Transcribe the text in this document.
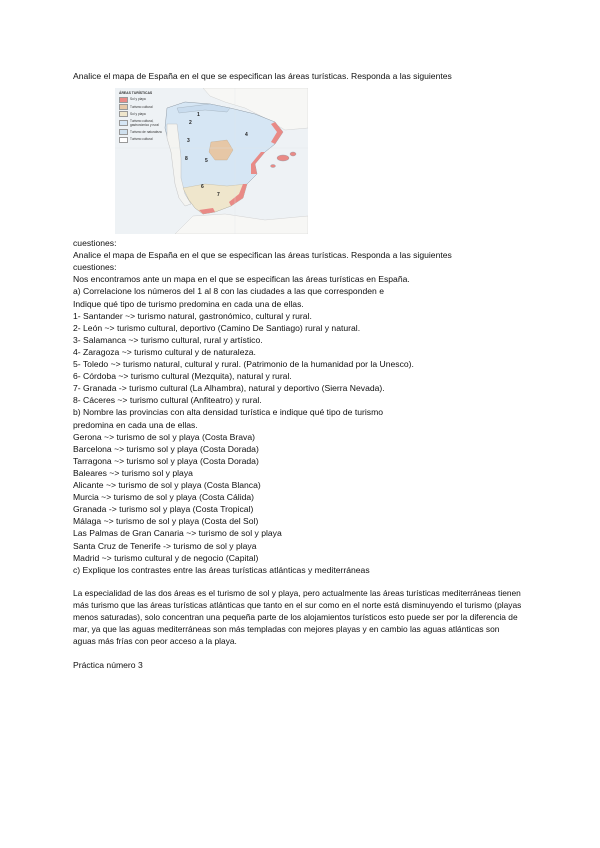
Analice el mapa de España en el que se especifican las áreas turísticas. Responda a las siguientes
ÁREAS TURÍSTICAS
Sol y playa
Turismo cultural
Sol y playa
Turismo cultural, gastronómico y rural
Turismo de naturaleza
Turismo cultural
1
2
3
4
5
6
7
8
cuestiones:
Analice el mapa de España en el que se especifican las áreas turísticas. Responda a las siguientes
cuestiones:
Nos encontramos ante un mapa en el que se especifican las áreas turísticas en España.
a) Correlacione los números del 1 al 8 con las ciudades a las que corresponden e
Indique qué tipo de turismo predomina en cada una de ellas.
1- Santander ~> turismo natural, gastronómico, cultural y rural.
2- León ~> turismo cultural, deportivo (Camino De Santiago) rural y natural.
3- Salamanca ~> turismo cultural, rural y artístico.
4- Zaragoza ~> turismo cultural y de naturaleza.
5- Toledo ~> turismo natural, cultural y rural. (Patrimonio de la humanidad por la Unesco).
6- Córdoba ~> turismo cultural (Mezquita), natural y rural.
7- Granada -> turismo cultural (La Alhambra), natural y deportivo (Sierra Nevada).
8- Cáceres ~> turismo cultural (Anfiteatro) y rural.
b) Nombre las provincias con alta densidad turística e indique qué tipo de turismo
predomina en cada una de ellas.
Gerona ~> turismo de sol y playa (Costa Brava)
Barcelona ~> turismo sol y playa (Costa Dorada)
Tarragona ~> turismo sol y playa (Costa Dorada)
Baleares ~> turismo sol y playa
Alicante ~> turismo de sol y playa (Costa Blanca)
Murcia ~> turismo de sol y playa (Costa Cálida)
Granada -> turismo sol y playa (Costa Tropical)
Málaga ~> turismo de sol y playa (Costa del Sol)
Las Palmas de Gran Canaria ~> turismo de sol y playa
Santa Cruz de Tenerife -> turismo de sol y playa
Madrid ~> turismo cultural y de negocio (Capital)
c) Explique los contrastes entre las áreas turísticas atlánticas y mediterráneas
La especialidad de las dos áreas es el turismo de sol y playa, pero actualmente las áreas turísticas mediterráneas tienen más turismo que las áreas turísticas atlánticas que tanto en el sur como en el norte está disminuyendo el turismo (playas menos saturadas), solo concentran una pequeña parte de los alojamientos turísticos esto puede ser por la diferencia de mar, ya que las aguas mediterráneas son más templadas con mejores playas y en cambio las aguas atlánticas son aguas más frías con peor acceso a la playa.
Práctica número 3
